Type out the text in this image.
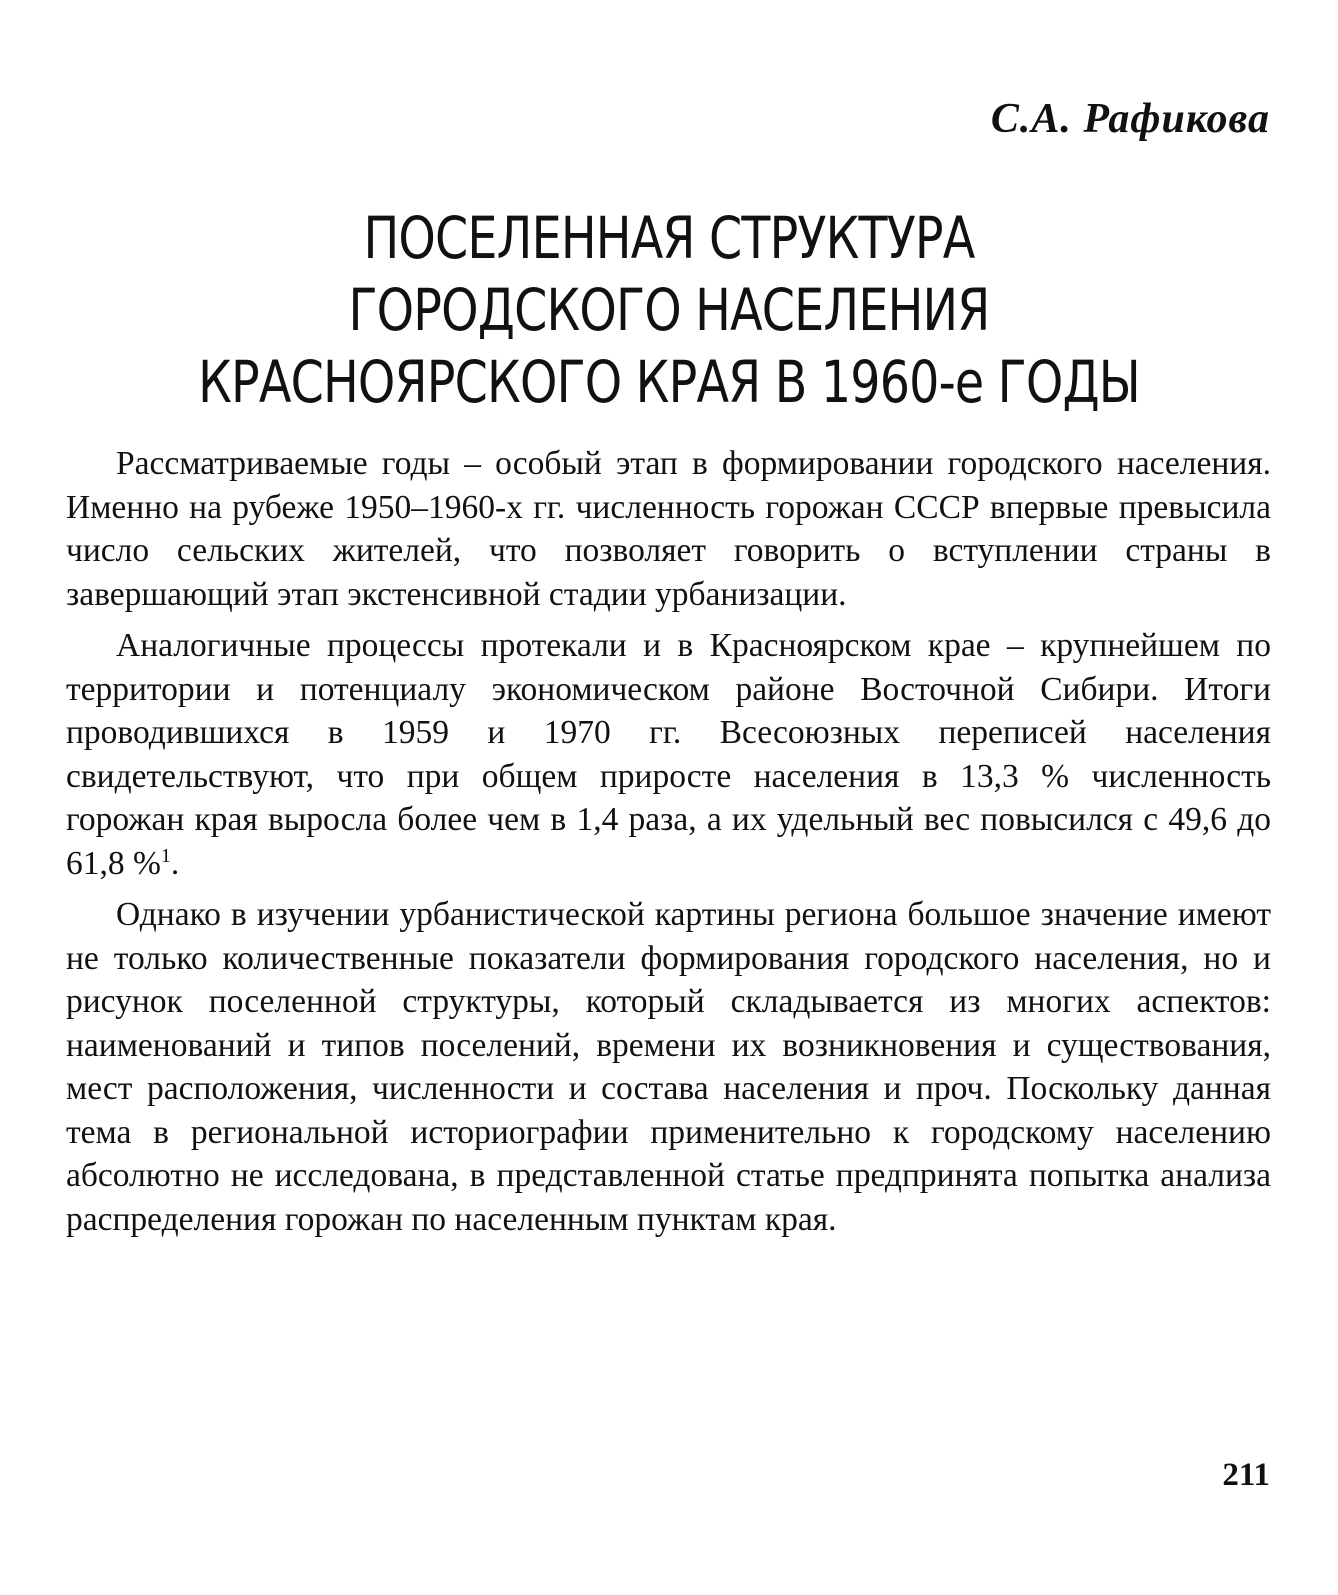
С.А. Рафикова
ПОСЕЛЕННАЯ СТРУКТУРА
ГОРОДСКОГО НАСЕЛЕНИЯ
КРАСНОЯРСКОГО КРАЯ В 1960-е ГОДЫ

Рассматриваемые годы – особый этап в формировании городского населения. Именно на рубеже 1950–1960-х гг. численность горожан СССР впервые превысила число сельских жителей, что позволяет говорить о вступлении страны в завершающий этап экстенсивной стадии урбанизации.

Аналогичные процессы протекали и в Красноярском крае – крупнейшем по территории и потенциалу экономическом районе Восточной Сибири. Итоги проводившихся в 1959 и 1970 гг. Всесоюзных переписей населения свидетельствуют, что при общем приросте населения в 13,3 % численность горожан края выросла более чем в 1,4 раза, а их удельный вес повысился с 49,6 до 61,8 %$^1$.

Однако в изучении урбанистической картины региона большое значение имеют не только количественные показатели формирования городского населения, но и рисунок поселенной структуры, который складывается из многих аспектов: наименований и типов поселений, времени их возникновения и существования, мест расположения, численности и состава населения и проч. Поскольку данная тема в региональной историографии применительно к городскому населению абсолютно не исследована, в представленной статье предпринята попытка анализа распределения горожан по населенным пунктам края.

211
